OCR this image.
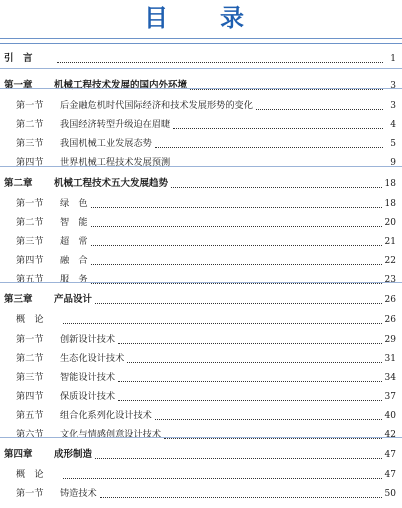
目　录
引　言	1
第一章 机械工程技术发展的国内外环境	3
第一节 后金融危机时代国际经济和技术发展形势的变化	3
第二节 我国经济转型升级迫在眉睫	4
第三节 我国机械工业发展态势	5
第四节 世界机械工程技术发展预测	9
第二章 机械工程技术五大发展趋势	18
第一节 绿　色	18
第二节 智　能	20
第三节 超　常	21
第四节 融　合	22
第五节 服　务	23
第三章 产品设计	26
概　论	26
第一节 创新设计技术	29
第二节 生态化设计技术	31
第三节 智能设计技术	34
第四节 保质设计技术	37
第五节 组合化系列化设计技术	40
第六节 文化与情感创意设计技术	42
第四章 成形制造	47
概　论	47
第一节 铸造技术	50
